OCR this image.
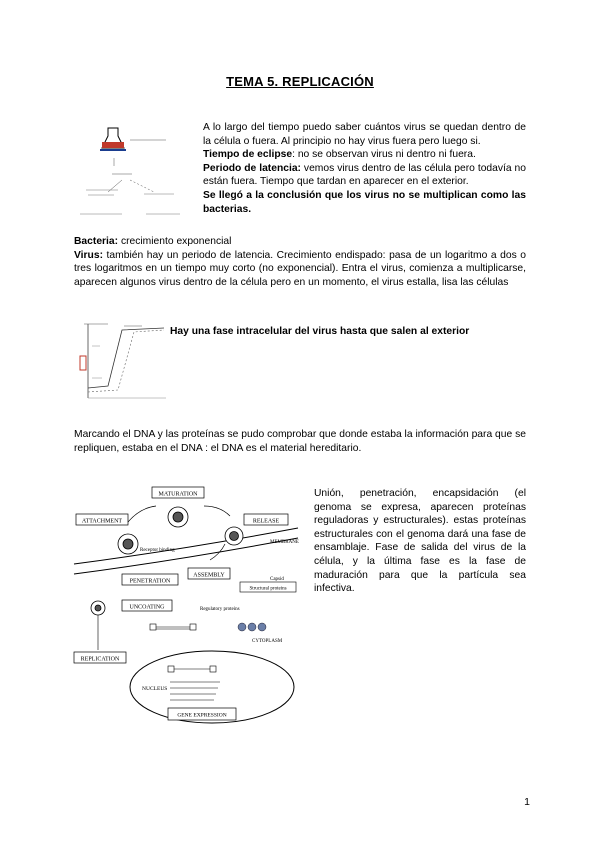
TEMA 5. REPLICACIÓN
A lo largo del tiempo puedo saber cuántos virus se quedan dentro de la célula o fuera. Al principio no hay virus fuera pero luego si.
Tiempo de eclipse: no se observan virus ni dentro ni fuera.
Periodo de latencia: vemos virus dentro de las célula pero todavía no están fuera. Tiempo que tardan en aparecer en el exterior.
Se llegó a la conclusión que los virus no se multiplican como las bacterias.
Bacteria: crecimiento exponencial
Virus: también hay un periodo de latencia. Crecimiento endispado: pasa de un logaritmo a dos o tres logaritmos en un tiempo muy corto (no exponencial). Entra el virus, comienza a multiplicarse, aparecen algunos virus dentro de la célula pero en un momento, el virus estalla, lisa las células
Hay una fase intracelular del virus hasta que salen al exterior
Marcando el DNA y las proteínas se pudo comprobar que donde estaba la información para que se repliquen, estaba en el DNA : el DNA es el material hereditario.
MATURATION
ATTACHMENT	RELEASE
MEMBRANE
Receptor binding
PENETRATION
ASSEMBLY
Capsid
Structural proteins
UNCOATING	Regulatory proteins
CYTOPLASM
REPLICATION
NUCLEUS
GENE EXPRESSION
Unión, penetración, encapsidación (el genoma se expresa, aparecen proteínas reguladoras y estructurales). estas proteínas estructurales con el genoma dará una fase de ensamblaje. Fase de salida del virus de la célula, y la última fase es la fase de maduración para que la partícula sea infectiva.
1
